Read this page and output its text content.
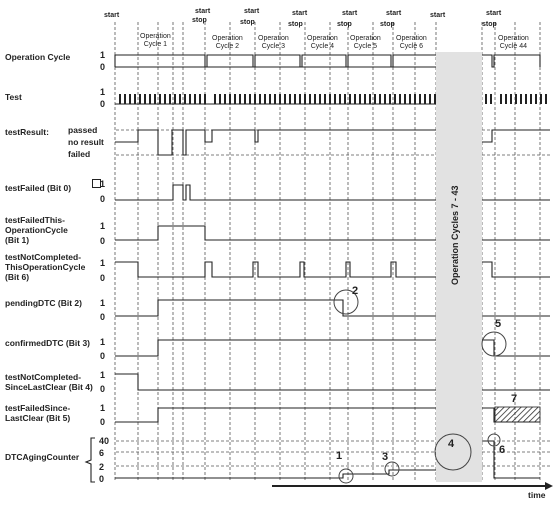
Operation Cycle
Test
testResult:
testFailed (Bit 0)
testFailedThis-
OperationCycle
(Bit 1)
testNotCompleted-
ThisOperationCycle
(Bit 6)
pendingDTC (Bit 2)
confirmedDTC (Bit 3)
testNotCompleted-
SinceLastClear (Bit 4)
testFailedSince-
LastClear (Bit 5)
DTCAgingCounter
1
0
1
0
passed
no result
failed
1
0
1
0
1
0
1
0
1
0
1
0
1
0
40
6
2
0
start
start
stop
start
stop
start
stop
start
stop
start
stop
start	start
stop
Operation
Cycle 1
Operation
Cycle 2
Operation
Cycle 3
Operation
Cycle 4
Operation
Cycle 5
Operation
Cycle 6
Operation
Cycle 44
Operation Cycles 7 - 43
1
2
3
4
5
6
7
time
